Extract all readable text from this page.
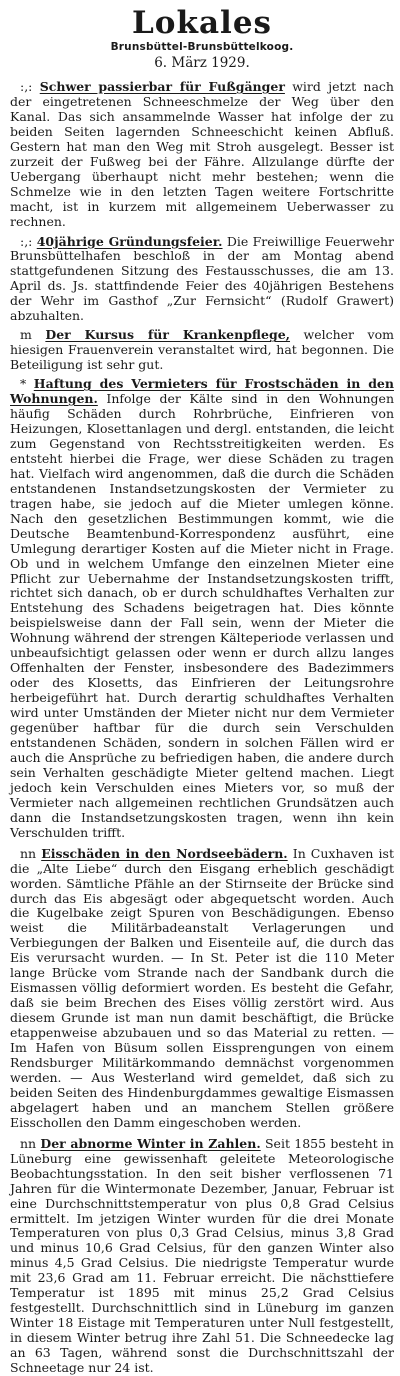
Lokales
Brunsbüttel-Brunsbüttelkoog.
6. März 1929.

:,: Schwer passierbar für Fußgänger wird jetzt nach der eingetretenen Schneeschmelze der Weg über den Kanal. Das sich ansammelnde Wasser hat infolge der zu beiden Seiten lagernden Schneeschicht keinen Abfluß. Gestern hat man den Weg mit Stroh ausgelegt. Besser ist zurzeit der Fußweg bei der Fähre. Allzulange dürfte der Uebergang überhaupt nicht mehr bestehen; wenn die Schmelze wie in den letzten Tagen weitere Fortschritte macht, ist in kurzem mit allgemeinem Ueberwasser zu rechnen.

:,: 40jährige Gründungsfeier. Die Freiwillige Feuerwehr Brunsbüttelhafen beschloß in der am Montag abend stattgefundenen Sitzung des Festausschusses, die am 13. April ds. Js. stattfindende Feier des 40jährigen Bestehens der Wehr im Gasthof „Zur Fernsicht“ (Rudolf Grawert) abzuhalten.

m Der Kursus für Krankenpflege, welcher vom hiesigen Frauenverein veranstaltet wird, hat begonnen. Die Beteiligung ist sehr gut.

* Haftung des Vermieters für Frostschäden in den Wohnungen. Infolge der Kälte sind in den Wohnungen häufig Schäden durch Rohrbrüche, Einfrieren von Heizungen, Klosettanlagen und dergl. entstanden, die leicht zum Gegenstand von Rechtsstreitigkeiten werden. Es entsteht hierbei die Frage, wer diese Schäden zu tragen hat. Vielfach wird angenommen, daß die durch die Schäden entstandenen Instandsetzungskosten der Vermieter zu tragen habe, sie jedoch auf die Mieter umlegen könne. Nach den gesetzlichen Bestimmungen kommt, wie die Deutsche Beamtenbund-Korrespondenz ausführt, eine Umlegung derartiger Kosten auf die Mieter nicht in Frage. Ob und in welchem Umfange den einzelnen Mieter eine Pflicht zur Uebernahme der Instandsetzungskosten trifft, richtet sich danach, ob er durch schuldhaftes Verhalten zur Entstehung des Schadens beigetragen hat. Dies könnte beispielsweise dann der Fall sein, wenn der Mieter die Wohnung während der strengen Kälteperiode verlassen und unbeaufsichtigt gelassen oder wenn er durch allzu langes Offenhalten der Fenster, insbesondere des Badezimmers oder des Klosetts, das Einfrieren der Leitungsrohre herbeigeführt hat. Durch derartig schuldhaftes Verhalten wird unter Umständen der Mieter nicht nur dem Vermieter gegenüber haftbar für die durch sein Verschulden entstandenen Schäden, sondern in solchen Fällen wird er auch die Ansprüche zu befriedigen haben, die andere durch sein Verhalten geschädigte Mieter geltend machen. Liegt jedoch kein Verschulden eines Mieters vor, so muß der Vermieter nach allgemeinen rechtlichen Grundsätzen auch dann die Instandsetzungskosten tragen, wenn ihn kein Verschulden trifft.

nn Eisschäden in den Nordseebädern. In Cuxhaven ist die „Alte Liebe“ durch den Eisgang erheblich geschädigt worden. Sämtliche Pfähle an der Stirnseite der Brücke sind durch das Eis abgesägt oder abgequetscht worden. Auch die Kugelbake zeigt Spuren von Beschädigungen. Ebenso weist die Militärbadeanstalt Verlagerungen und Verbiegungen der Balken und Eisenteile auf, die durch das Eis verursacht wurden. — In St. Peter ist die 110 Meter lange Brücke vom Strande nach der Sandbank durch die Eismassen völlig deformiert worden. Es besteht die Gefahr, daß sie beim Brechen des Eises völlig zerstört wird. Aus diesem Grunde ist man nun damit beschäftigt, die Brücke etappenweise abzubauen und so das Material zu retten. — Im Hafen von Büsum sollen Eissprengungen von einem Rendsburger Militärkommando demnächst vorgenommen werden. — Aus Westerland wird gemeldet, daß sich zu beiden Seiten des Hindenburgdammes gewaltige Eismassen abgelagert haben und an manchem Stellen größere Eisschollen den Damm eingeschoben werden.

nn Der abnorme Winter in Zahlen. Seit 1855 besteht in Lüneburg eine gewissenhaft geleitete Meteorologische Beobachtungsstation. In den seit bisher verflossenen 71 Jahren für die Wintermonate Dezember, Januar, Februar ist eine Durchschnittstemperatur von plus 0,8 Grad Celsius ermittelt. Im jetzigen Winter wurden für die drei Monate Temperaturen von plus 0,3 Grad Celsius, minus 3,8 Grad und minus 10,6 Grad Celsius, für den ganzen Winter also minus 4,5 Grad Celsius. Die niedrigste Temperatur wurde mit 23,6 Grad am 11. Februar erreicht. Die nächsttiefere Temperatur ist 1895 mit minus 25,2 Grad Celsius festgestellt. Durchschnittlich sind in Lüneburg im ganzen Winter 18 Eistage mit Temperaturen unter Null festgestellt, in diesem Winter betrug ihre Zahl 51. Die Schneedecke lag an 63 Tagen, während sonst die Durchschnittszahl der Schneetage nur 24 ist.
